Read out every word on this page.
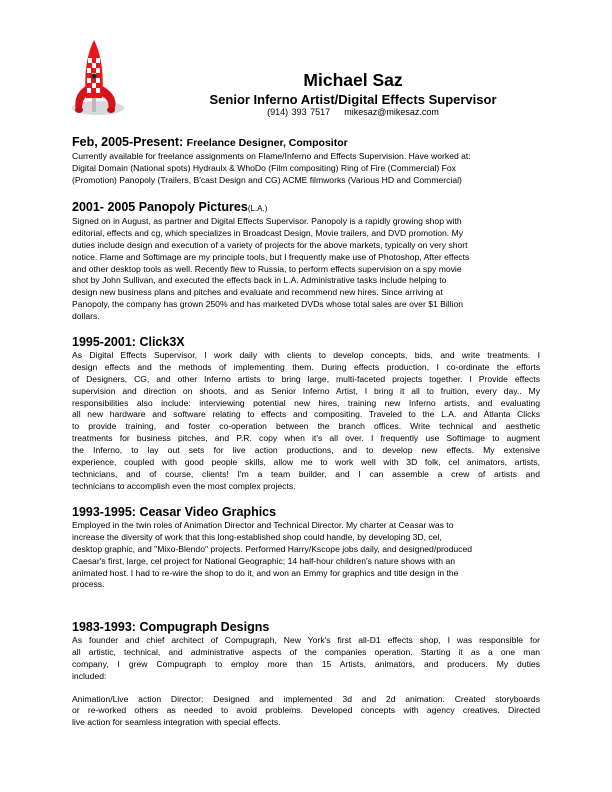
Michael Saz
Senior Inferno Artist/Digital Effects Supervisor
(914) 393 7517 mikesaz@mikesaz.com
Feb, 2005-Present: Freelance Designer, Compositor
Currently available for freelance assignments on Flame/Inferno and Effects Supervision. Have worked at:
Digital Domain (National spots) Hydraulx & WhoDo (Film compositing) Ring of Fire (Commercial) Fox
(Promotion) Panopoly (Trailers, B'cast Design and CG) ACME filmworks (Various HD and Commercial)
2001- 2005 Panopoly Pictures(L.A.)
Signed on in August, as partner and Digital Effects Supervisor. Panopoly is a rapidly growing shop with
editorial, effects and cg, which specializes in Broadcast Design, Movie trailers, and DVD promotion. My
duties include design and execution of a variety of projects for the above markets, typically on very short
notice. Flame and Softimage are my principle tools, but I frequently make use of Photoshop, After effects
and other desktop tools as well. Recently flew to Russia, to perform effects supervision on a spy movie
shot by John Sullivan, and executed the effects back in L.A. Administrative tasks include helping to
design new business plans and pitches and evaluate and recommend new hires. Since arriving at
Panopoly, the company has grown 250% and has marketed DVDs whose total sales are over $1 Billion
dollars.
1995-2001: Click3X
As Digital Effects Supervisor, I work daily with clients to develop concepts, bids, and write treatments. I
design effects and the methods of implementing them. During effects production, I co-ordinate the efforts
of Designers, CG, and other Inferno artists to bring large, multi-faceted projects together. I Provide effects
supervision and direction on shoots, and as Senior Inferno Artist, I bring it all to fruition, every day.. My
responsibilities also include: interviewing potential new hires, training new Inferno artists, and evaluating
all new hardware and software relating to effects and compositing. Traveled to the L.A. and Atlanta Clicks
to provide training, and foster co-operation between the branch offices. Write technical and aesthetic
treatments for business pitches, and P.R. copy when it's all over. I frequently use Softimage to augment
the Inferno, to lay out sets for live action productions, and to develop new effects. My extensive
experience, coupled with good people skills, allow me to work well with 3D folk, cel animators, artists,
technicians, and of course, clients! I'm a team builder, and I can assemble a crew of artists and
technicians to accomplish even the most complex projects.
1993-1995: Ceasar Video Graphics
Employed in the twin roles of Animation Director and Technical Director. My charter at Ceasar was to
increase the diversity of work that this long-established shop could handle, by developing 3D, cel,
desktop graphic, and "Mixo-Blendo" projects. Performed Harry/Kscope jobs daily, and designed/produced
Caesar's first, large, cel project for National Geographic; 14 half-hour children's nature shows with an
animated host. I had to re-wire the shop to do it, and won an Emmy for graphics and title design in the
process.
1983-1993: Compugraph Designs
As founder and chief architect of Compugraph, New York's first all-D1 effects shop, I was responsible for
all artistic, technical, and administrative aspects of the companies operation. Starting it as a one man
company, I grew Compugraph to employ more than 15 Artists, animators, and producers. My duties
included:
Animation/Live action Director: Designed and implemented 3d and 2d animation. Created storyboards
or re-worked others as needed to avoid problems. Developed concepts with agency creatives. Directed
live action for seamless integration with special effects.
